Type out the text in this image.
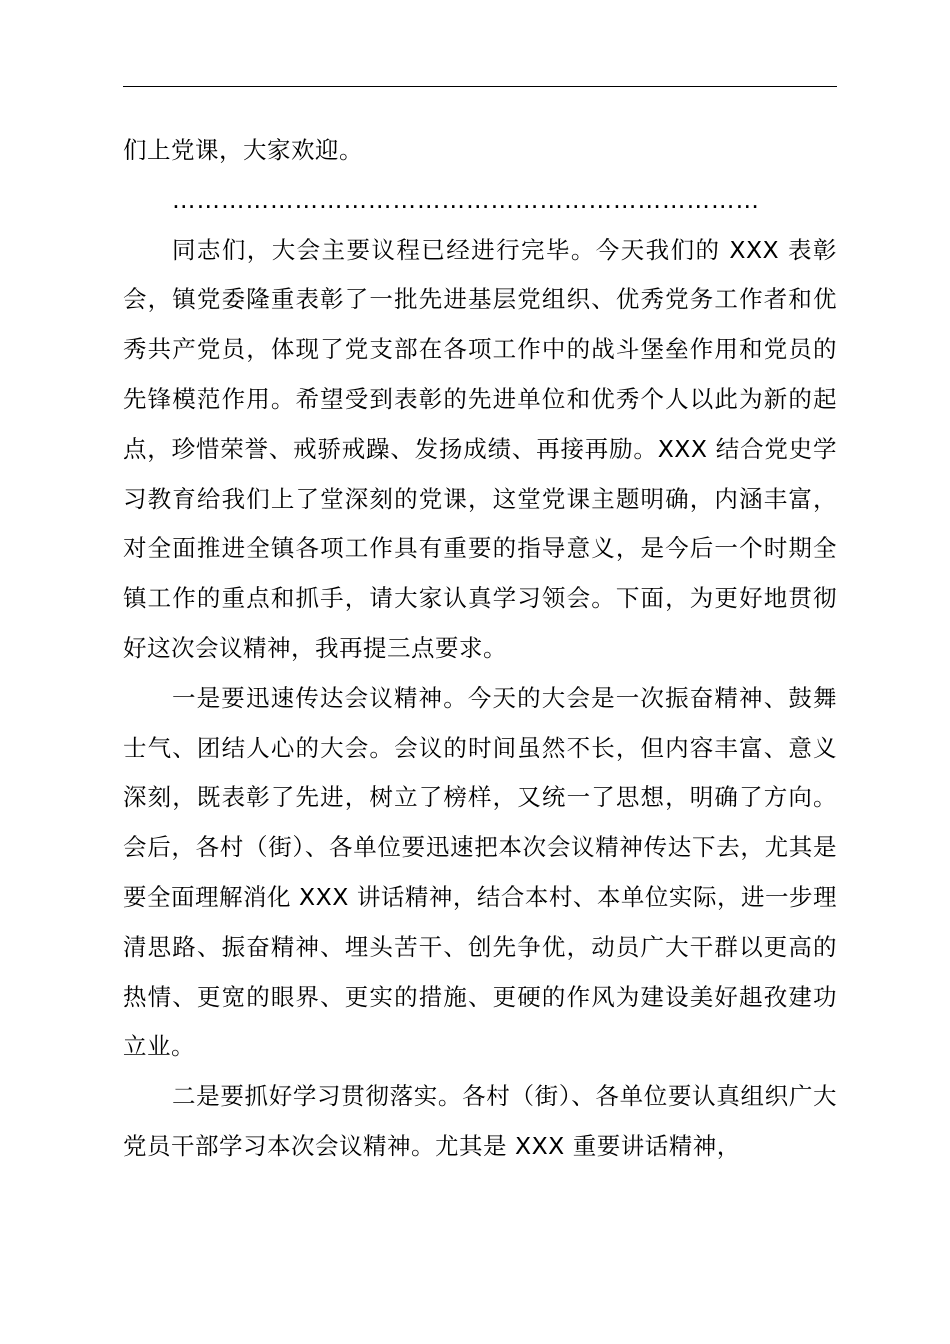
们上党课，大家欢迎。

………………………………………………………………

同志们，大会主要议程已经进行完毕。今天我们的 XXX 表彰会，镇党委隆重表彰了一批先进基层党组织、优秀党务工作者和优秀共产党员，体现了党支部在各项工作中的战斗堡垒作用和党员的先锋模范作用。希望受到表彰的先进单位和优秀个人以此为新的起点，珍惜荣誉、戒骄戒躁、发扬成绩、再接再励。XXX 结合党史学习教育给我们上了堂深刻的党课，这堂党课主题明确，内涵丰富，对全面推进全镇各项工作具有重要的指导意义，是今后一个时期全镇工作的重点和抓手，请大家认真学习领会。下面，为更好地贯彻好这次会议精神，我再提三点要求。

一是要迅速传达会议精神。今天的大会是一次振奋精神、鼓舞士气、团结人心的大会。会议的时间虽然不长，但内容丰富、意义深刻，既表彰了先进，树立了榜样，又统一了思想，明确了方向。会后，各村（街）、各单位要迅速把本次会议精神传达下去，尤其是要全面理解消化 XXX 讲话精神，结合本村、本单位实际，进一步理清思路、振奋精神、埋头苦干、创先争优，动员广大干群以更高的热情、更宽的眼界、更实的措施、更硬的作风为建设美好趄孜建功立业。

二是要抓好学习贯彻落实。各村（街）、各单位要认真组织广大党员干部学习本次会议精神。尤其是 XXX 重要讲话精神，
